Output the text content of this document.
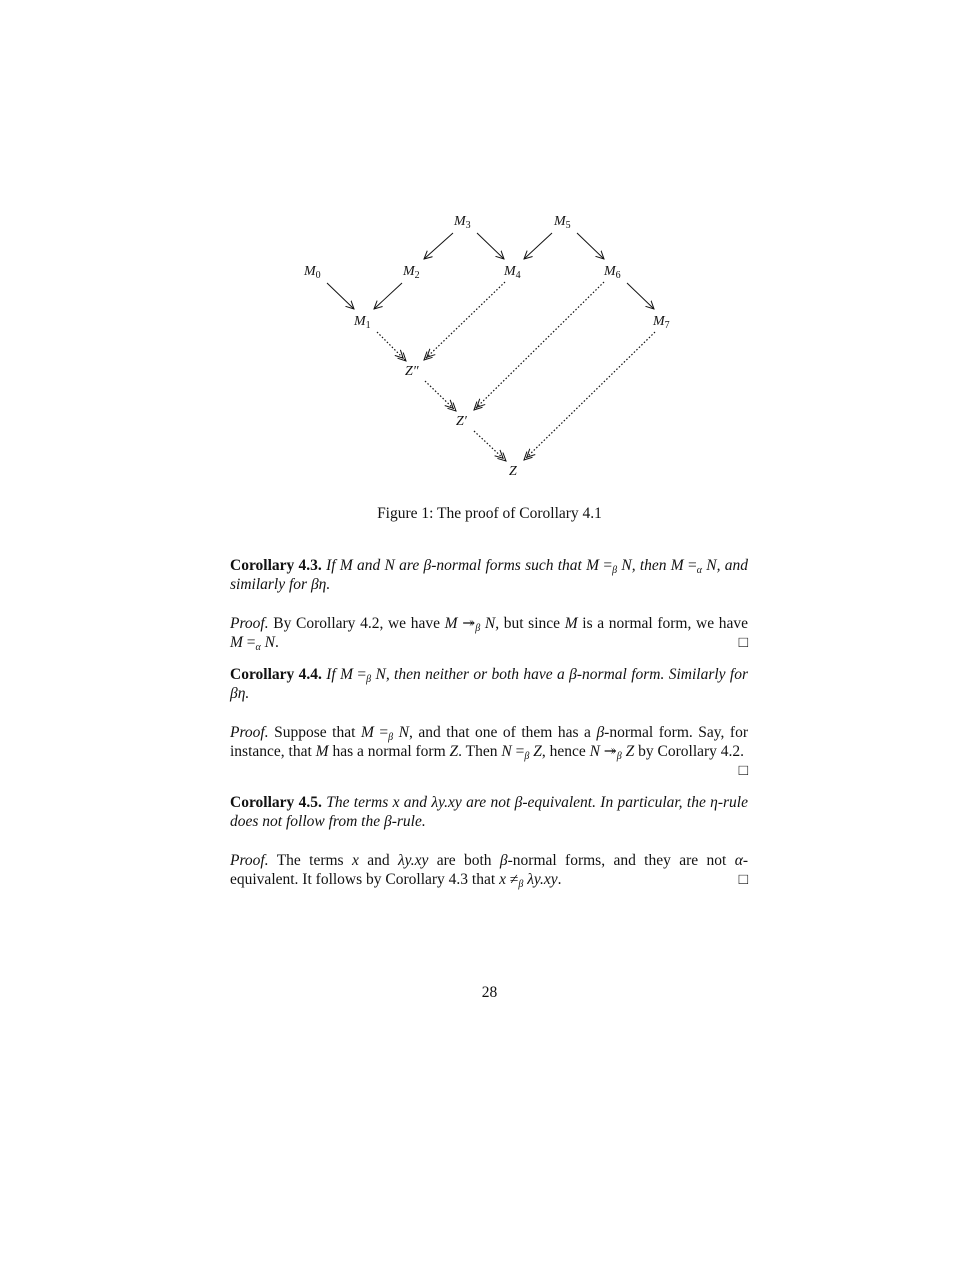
$M_3$	$M_5$
$M_0$	$M_2$	$M_4$	$M_6$
$M_1$	$M_7$
Z″
Z′
Z
Figure 1: The proof of Corollary 4.1

Corollary 4.3. If M and N are β-normal forms such that $M =_\beta$ N, then $M =_\alpha$ N, and similarly for βη.

Proof. By Corollary 4.2, we have M $↠_\beta$ N, but since M is a normal form, we have $M =_\alpha$ N.	□

Corollary 4.4. If $M =_\beta$ N, then neither or both have a β-normal form. Similarly for βη.

Proof. Suppose that $M =_\beta$ N, and that one of them has a β-normal form. Say, for instance, that M has a normal form Z. Then $N =_\beta$ Z, hence N $↠_\beta$ Z by Corollary 4.2.
□

Corollary 4.5. The terms x and λy.xy are not β-equivalent. In particular, the η-rule does not follow from the β-rule.

Proof. The terms x and λy.xy are both β-normal forms, and they are not α-equivalent. It follows by Corollary 4.3 that $x \ne_\beta$ λy.xy.	□

28
